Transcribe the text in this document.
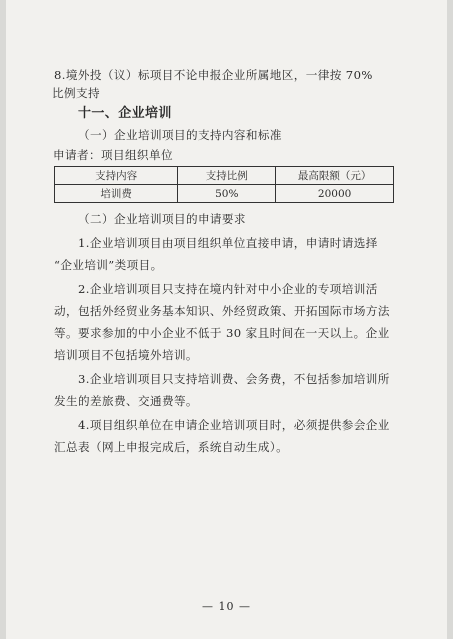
8.境外投（议）标项目不论申报企业所属地区，一律按 70%
比例支持
十一、企业培训
（一）企业培训项目的支持内容和标准
申请者：项目组织单位
支持内容	支持比例	最高限额（元）
培训费	50%	20000
（二）企业培训项目的申请要求
1.企业培训项目由项目组织单位直接申请，申请时请选择
“企业培训”类项目。
2.企业培训项目只支持在境内针对中小企业的专项培训活
动，包括外经贸业务基本知识、外经贸政策、开拓国际市场方法
等。要求参加的中小企业不低于 30 家且时间在一天以上。企业
培训项目不包括境外培训。
3.企业培训项目只支持培训费、会务费，不包括参加培训所
发生的差旅费、交通费等。
4.项目组织单位在申请企业培训项目时，必须提供参会企业
汇总表（网上申报完成后，系统自动生成）。
— 10 —
